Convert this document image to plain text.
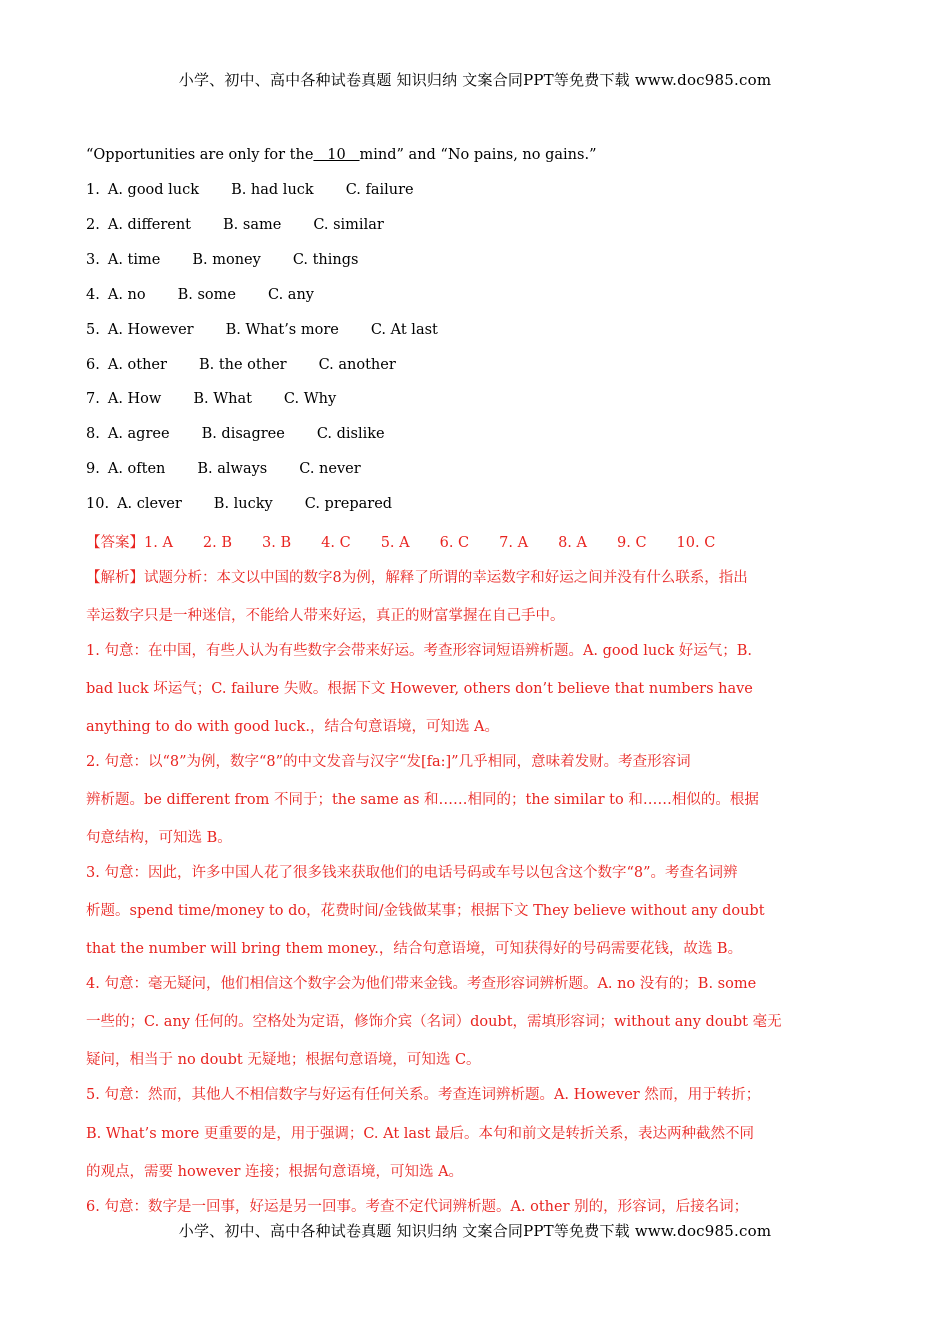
小学、初中、高中各种试卷真题 知识归纳 文案合同PPT等免费下载 www.doc985.com
“Opportunities are only for the   10   mind” and “No pains, no gains.”
1. A. good luck B. had luck C. failure
2. A. different B. same C. similar
3. A. time B. money C. things
4. A. no B. some C. any
5. A. However B. What’s more C. At last
6. A. other B. the other C. another
7. A. How B. What C. Why
8. A. agree B. disagree C. dislike
9. A. often B. always C. never
10. A. clever B. lucky C. prepared
【答案】1. A 2. B 3. B 4. C 5. A 6. C 7. A 8. A 9. C 10. C
【解析】试题分析：本文以中国的数字8为例，解释了所谓的幸运数字和好运之间并没有什么联系，指出
幸运数字只是一种迷信，不能给人带来好运，真正的财富掌握在自己手中。
1. 句意：在中国，有些人认为有些数字会带来好运。考查形容词短语辨析题。A. good luck 好运气；B.
bad luck 坏运气；C. failure 失败。根据下文 However, others don’t believe that numbers have
anything to do with good luck.，结合句意语境，可知选 A。
2. 句意：以“8”为例，数字“8”的中文发音与汉字“发[fa:]”几乎相同，意味着发财。考查形容词
辨析题。be different from 不同于；the same as 和……相同的；the similar to 和……相似的。根据
句意结构，可知选 B。
3. 句意：因此，许多中国人花了很多钱来获取他们的电话号码或车号以包含这个数字“8”。考查名词辨
析题。spend time/money to do，花费时间/金钱做某事；根据下文 They believe without any doubt
that the number will bring them money.，结合句意语境，可知获得好的号码需要花钱，故选 B。
4. 句意：毫无疑问，他们相信这个数字会为他们带来金钱。考查形容词辨析题。A. no 没有的；B. some
一些的；C. any 任何的。空格处为定语，修饰介宾（名词）doubt，需填形容词；without any doubt 毫无
疑问，相当于 no doubt 无疑地；根据句意语境，可知选 C。
5. 句意：然而，其他人不相信数字与好运有任何关系。考查连词辨析题。A. However 然而，用于转折；
B. What’s more 更重要的是，用于强调；C. At last 最后。本句和前文是转折关系，表达两种截然不同
的观点，需要 however 连接；根据句意语境，可知选 A。
6. 句意：数字是一回事，好运是另一回事。考查不定代词辨析题。A. other 别的，形容词，后接名词；
小学、初中、高中各种试卷真题 知识归纳 文案合同PPT等免费下载 www.doc985.com
